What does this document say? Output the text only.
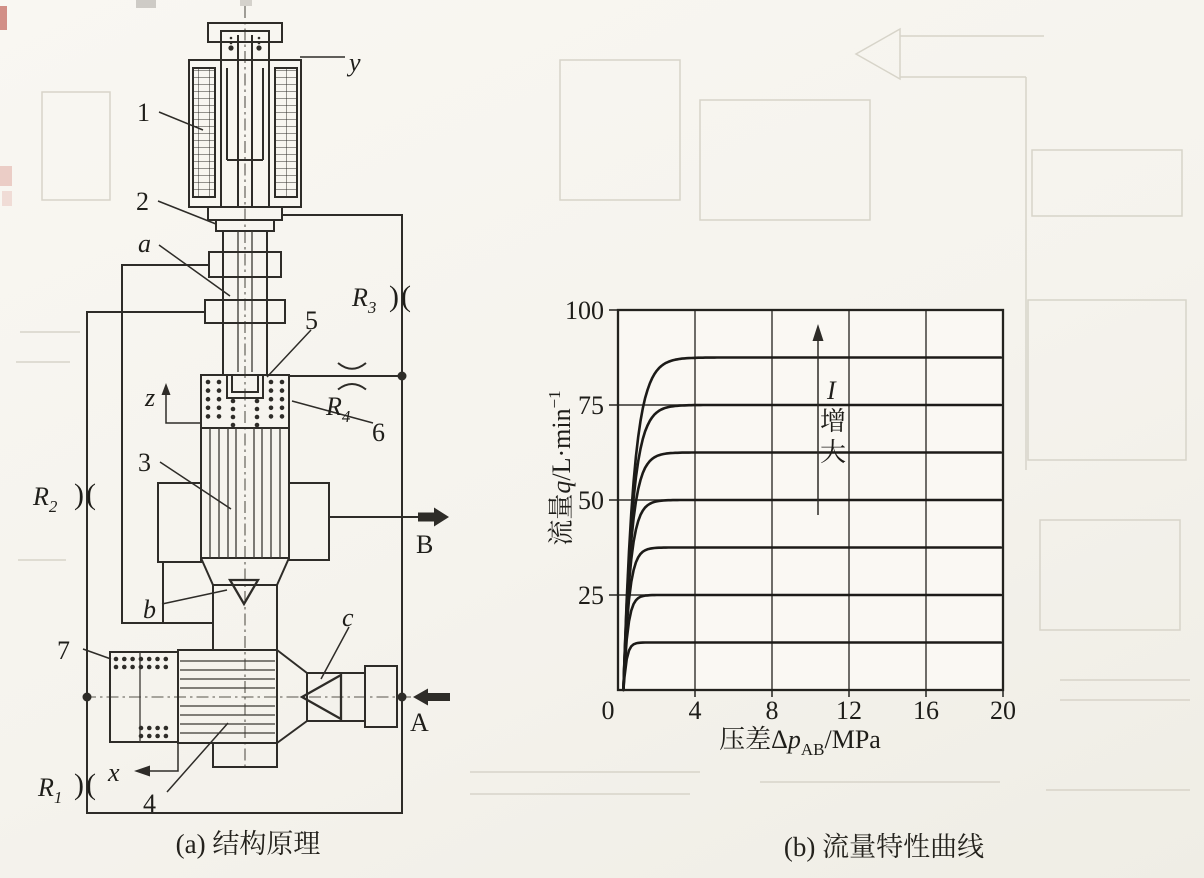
)(
)(
)(
1
2
a
5
6
3
b	c
7
4
y
z
x
A
B
$R_3$
$R_4$
$R_2$
$R_1$
(a) 结构原理
0	4 8 12 16 20
25
50
75
100
I
增
大
流量$q/L\cdot\min^{-1}$
压差$\Delta p_{AB}$/MPa
(b) 流量特性曲线
